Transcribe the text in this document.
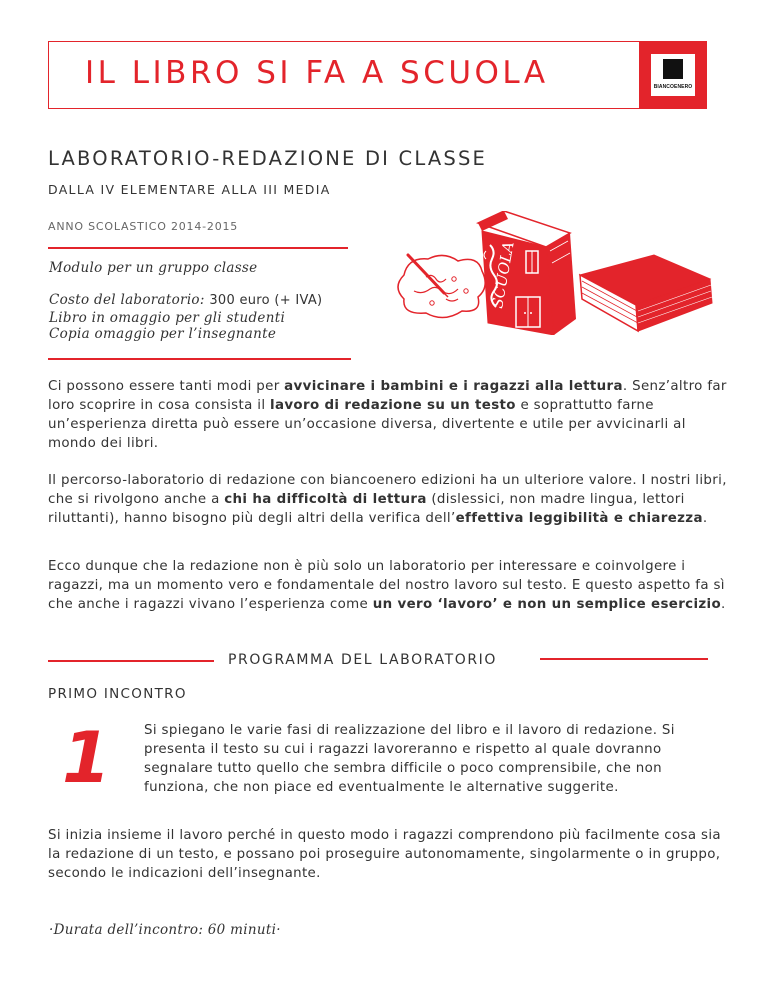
IL LIBRO SI FA A SCUOLA	BIANCOENERO
LABORATORIO-REDAZIONE DI CLASSE
DALLA IV ELEMENTARE ALLA III MEDIA
ANNO SCOLASTICO 2014-2015
Modulo per un gruppo classe
Costo del laboratorio: 300 euro (+ IVA)
Libro in omaggio per gli studenti
Copia omaggio per l’insegnante
SCUOLA

Ci possono essere tanti modi per avvicinare i bambini e i ragazzi alla lettura. Senz’altro far loro scoprire in cosa consista il lavoro di redazione su un testo e soprattutto farne un’esperienza diretta può essere un’occasione diversa, divertente e utile per avvicinarli al mondo dei libri.

Il percorso-laboratorio di redazione con biancoenero edizioni ha un ulteriore valore. I nostri libri, che si rivolgono anche a chi ha difficoltà di lettura (dislessici, non madre lingua, lettori riluttanti), hanno bisogno più degli altri della verifica dell’effettiva leggibilità e chiarezza.

Ecco dunque che la redazione non è più solo un laboratorio per interessare e coinvolgere i ragazzi, ma un momento vero e fondamentale del nostro lavoro sul testo. E questo aspetto fa sì che anche i ragazzi vivano l’esperienza come un vero ‘lavoro’ e non un semplice esercizio.

PROGRAMMA DEL LABORATORIO
PRIMO INCONTRO
1 Si spiegano le varie fasi di realizzazione del libro e il lavoro di redazione. Si presenta il testo su cui i ragazzi lavoreranno e rispetto al quale dovranno segnalare tutto quello che sembra difficile o poco comprensibile, che non funziona, che non piace ed eventualmente le alternative suggerite.

Si inizia insieme il lavoro perché in questo modo i ragazzi comprendono più facilmente cosa sia la redazione di un testo, e possano poi proseguire autonomamente, singolarmente o in gruppo, secondo le indicazioni dell’insegnante.

·Durata dell’incontro: 60 minuti·
